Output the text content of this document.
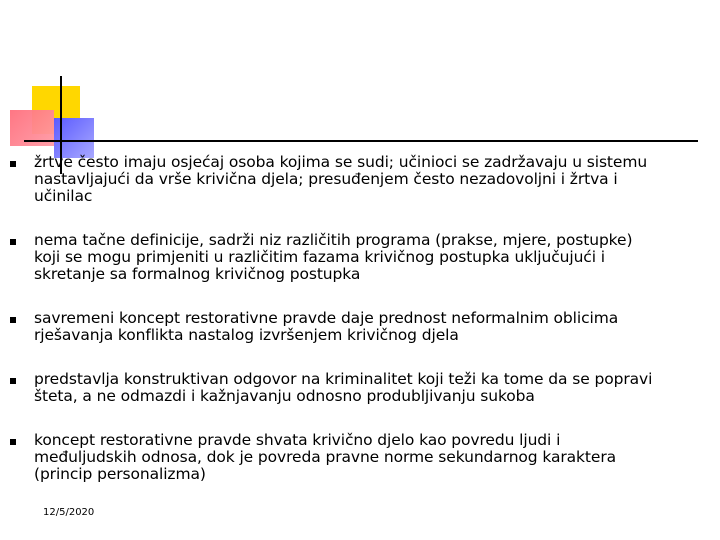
žrtve često imaju osjećaj osoba kojima se sudi; učinioci se zadržavaju u sistemu nastavljajući da vrše krivična djela; presuđenjem često nezadovoljni i žrtva i učinilac
nema tačne definicije, sadrži niz različitih programa (prakse, mjere, postupke) koji se mogu primjeniti u različitim fazama krivičnog postupka uključujući i skretanje sa formalnog krivičnog postupka
savremeni koncept restorativne pravde daje prednost neformalnim oblicima rješavanja konflikta nastalog izvršenjem krivičnog djela
predstavlja konstruktivan odgovor na kriminalitet koji teži ka tome da se popravi šteta, a ne odmazdi i kažnjavanju odnosno produbljivanju sukoba
koncept restorativne pravde shvata krivično djelo kao povredu ljudi i međuljudskih odnosa, dok je povreda pravne norme sekundarnog karaktera (princip personalizma)
12/5/2020
